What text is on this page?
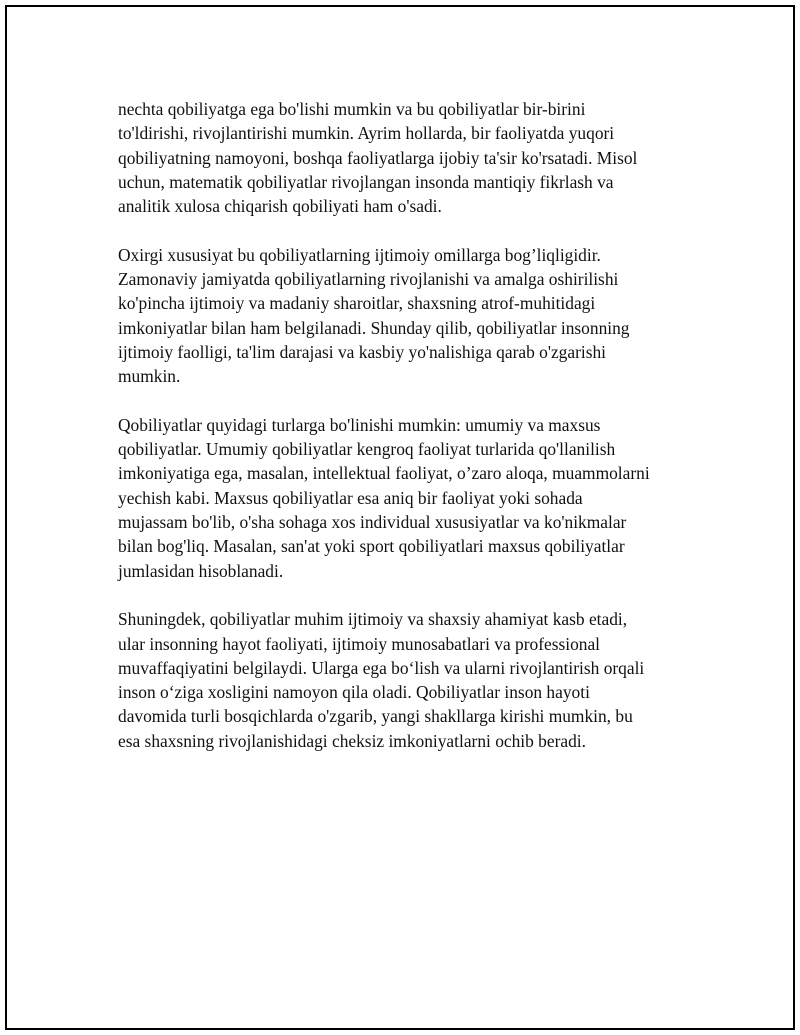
nechta qobiliyatga ega bo'lishi mumkin va bu qobiliyatlar bir-birini
to'ldirishi, rivojlantirishi mumkin. Ayrim hollarda, bir faoliyatda yuqori
qobiliyatning namoyoni, boshqa faoliyatlarga ijobiy ta'sir ko'rsatadi. Misol
uchun, matematik qobiliyatlar rivojlangan insonda mantiqiy fikrlash va
analitik xulosa chiqarish qobiliyati ham o'sadi.

Oxirgi xususiyat bu qobiliyatlarning ijtimoiy omillarga bog’liqligidir.
Zamonaviy jamiyatda qobiliyatlarning rivojlanishi va amalga oshirilishi
ko'pincha ijtimoiy va madaniy sharoitlar, shaxsning atrof-muhitidagi
imkoniyatlar bilan ham belgilanadi. Shunday qilib, qobiliyatlar insonning
ijtimoiy faolligi, ta'lim darajasi va kasbiy yo'nalishiga qarab o'zgarishi
mumkin.

Qobiliyatlar quyidagi turlarga bo'linishi mumkin: umumiy va maxsus
qobiliyatlar. Umumiy qobiliyatlar kengroq faoliyat turlarida qo'llanilish
imkoniyatiga ega, masalan, intellektual faoliyat, o’zaro aloqa, muammolarni
yechish kabi. Maxsus qobiliyatlar esa aniq bir faoliyat yoki sohada
mujassam bo'lib, o'sha sohaga xos individual xususiyatlar va ko'nikmalar
bilan bog'liq. Masalan, san'at yoki sport qobiliyatlari maxsus qobiliyatlar
jumlasidan hisoblanadi.

Shuningdek, qobiliyatlar muhim ijtimoiy va shaxsiy ahamiyat kasb etadi,
ular insonning hayot faoliyati, ijtimoiy munosabatlari va professional
muvaffaqiyatini belgilaydi. Ularga ega bo‘lish va ularni rivojlantirish orqali
inson o‘ziga xosligini namoyon qila oladi. Qobiliyatlar inson hayoti
davomida turli bosqichlarda o'zgarib, yangi shakllarga kirishi mumkin, bu
esa shaxsning rivojlanishidagi cheksiz imkoniyatlarni ochib beradi.
